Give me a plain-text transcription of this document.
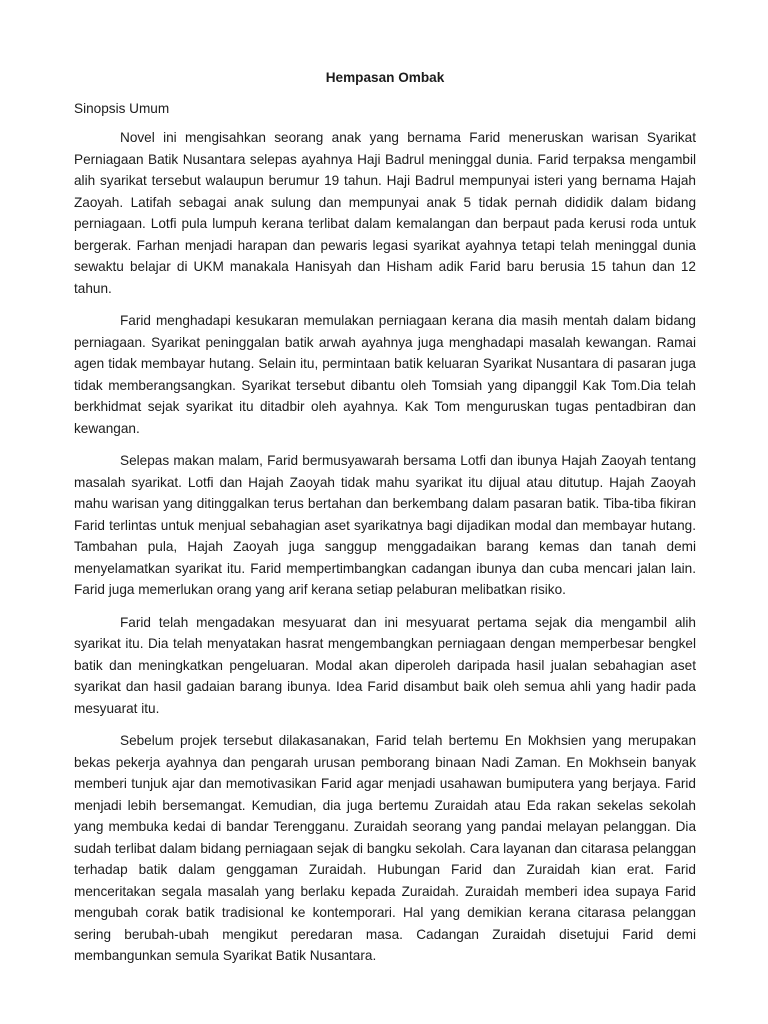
Hempasan Ombak
Sinopsis Umum

Novel ini mengisahkan seorang anak yang bernama Farid meneruskan warisan Syarikat Perniagaan Batik Nusantara selepas ayahnya Haji Badrul meninggal dunia. Farid terpaksa mengambil alih syarikat tersebut walaupun berumur 19 tahun. Haji Badrul mempunyai isteri yang bernama Hajah Zaoyah. Latifah sebagai anak sulung dan mempunyai anak 5 tidak pernah dididik dalam bidang perniagaan. Lotfi pula lumpuh kerana terlibat dalam kemalangan dan berpaut pada kerusi roda untuk bergerak. Farhan menjadi harapan dan pewaris legasi syarikat ayahnya tetapi telah meninggal dunia sewaktu belajar di UKM manakala Hanisyah dan Hisham adik Farid baru berusia 15 tahun dan 12 tahun.

Farid menghadapi kesukaran memulakan perniagaan kerana dia masih mentah dalam bidang perniagaan. Syarikat peninggalan batik arwah ayahnya juga menghadapi masalah kewangan. Ramai agen tidak membayar hutang. Selain itu, permintaan batik keluaran Syarikat Nusantara di pasaran juga tidak memberangsangkan. Syarikat tersebut dibantu oleh Tomsiah yang dipanggil Kak Tom.Dia telah berkhidmat sejak syarikat itu ditadbir oleh ayahnya. Kak Tom menguruskan tugas pentadbiran dan kewangan.

Selepas makan malam, Farid bermusyawarah bersama Lotfi dan ibunya Hajah Zaoyah tentang masalah syarikat. Lotfi dan Hajah Zaoyah tidak mahu syarikat itu dijual atau ditutup. Hajah Zaoyah mahu warisan yang ditinggalkan terus bertahan dan berkembang dalam pasaran batik. Tiba-tiba fikiran Farid terlintas untuk menjual sebahagian aset syarikatnya bagi dijadikan modal dan membayar hutang. Tambahan pula, Hajah Zaoyah juga sanggup menggadaikan barang kemas dan tanah demi menyelamatkan syarikat itu. Farid mempertimbangkan cadangan ibunya dan cuba mencari jalan lain. Farid juga memerlukan orang yang arif kerana setiap pelaburan melibatkan risiko.

Farid telah mengadakan mesyuarat dan ini mesyuarat pertama sejak dia mengambil alih syarikat itu. Dia telah menyatakan hasrat mengembangkan perniagaan dengan memperbesar bengkel batik dan meningkatkan pengeluaran. Modal akan diperoleh daripada hasil jualan sebahagian aset syarikat dan hasil gadaian barang ibunya. Idea Farid disambut baik oleh semua ahli yang hadir pada mesyuarat itu.

Sebelum projek tersebut dilakasanakan, Farid telah bertemu En Mokhsien yang merupakan bekas pekerja ayahnya dan pengarah urusan pemborang binaan Nadi Zaman. En Mokhsein banyak memberi tunjuk ajar dan memotivasikan Farid agar menjadi usahawan bumiputera yang berjaya. Farid menjadi lebih bersemangat. Kemudian, dia juga bertemu Zuraidah atau Eda rakan sekelas sekolah yang membuka kedai di bandar Terengganu. Zuraidah seorang yang pandai melayan pelanggan. Dia sudah terlibat dalam bidang perniagaan sejak di bangku sekolah. Cara layanan dan citarasa pelanggan terhadap batik dalam genggaman Zuraidah. Hubungan Farid dan Zuraidah kian erat. Farid menceritakan segala masalah yang berlaku kepada Zuraidah. Zuraidah memberi idea supaya Farid mengubah corak batik tradisional ke kontemporari. Hal yang demikian kerana citarasa pelanggan sering berubah-ubah mengikut peredaran masa. Cadangan Zuraidah disetujui Farid demi membangunkan semula Syarikat Batik Nusantara.
